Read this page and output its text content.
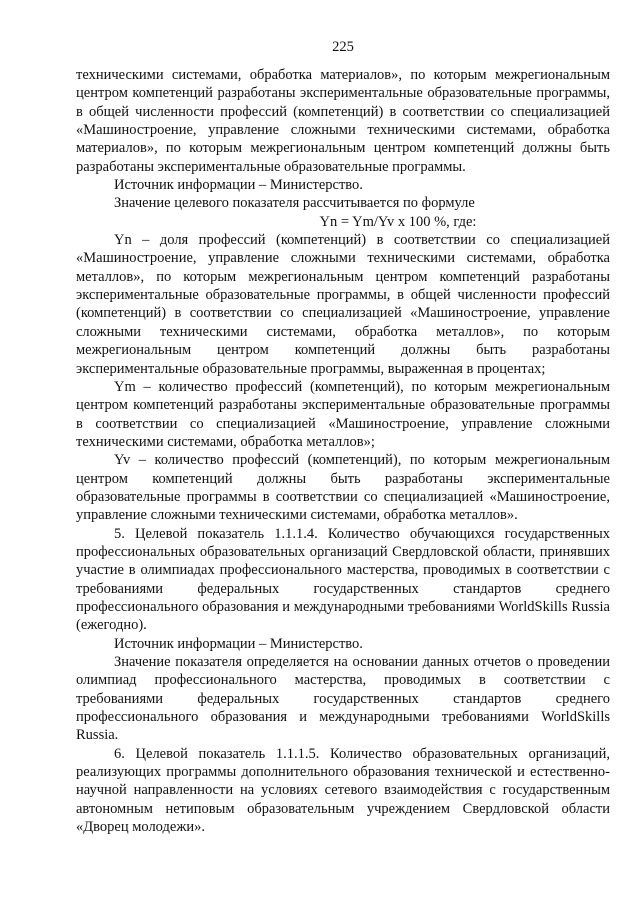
225

техническими системами, обработка материалов», по которым межрегиональным центром компетенций разработаны экспериментальные образовательные программы, в общей численности профессий (компетенций) в соответствии со специализацией «Машиностроение, управление сложными техническими системами, обработка материалов», по которым межрегиональным центром компетенций должны быть разработаны экспериментальные образовательные программы.

Источник информации – Министерство.

Значение целевого показателя рассчитывается по формуле

Yn = Ym/Yv x 100 %, где:

Yn – доля профессий (компетенций) в соответствии со специализацией «Машиностроение, управление сложными техническими системами, обработка металлов», по которым межрегиональным центром компетенций разработаны экспериментальные образовательные программы, в общей численности профессий (компетенций) в соответствии со специализацией «Машиностроение, управление сложными техническими системами, обработка металлов», по которым межрегиональным центром компетенций должны быть разработаны экспериментальные образовательные программы, выраженная в процентах;

Ym – количество профессий (компетенций), по которым межрегиональным центром компетенций разработаны экспериментальные образовательные программы в соответствии со специализацией «Машиностроение, управление сложными техническими системами, обработка металлов»;

Yv – количество профессий (компетенций), по которым межрегиональным центром компетенций должны быть разработаны экспериментальные образовательные программы в соответствии со специализацией «Машиностроение, управление сложными техническими системами, обработка металлов».

5. Целевой показатель 1.1.1.4. Количество обучающихся государственных профессиональных образовательных организаций Свердловской области, принявших участие в олимпиадах профессионального мастерства, проводимых в соответствии с требованиями федеральных государственных стандартов среднего профессионального образования и международными требованиями WorldSkills Russia (ежегодно).

Источник информации – Министерство.

Значение показателя определяется на основании данных отчетов о проведении олимпиад профессионального мастерства, проводимых в соответствии с требованиями федеральных государственных стандартов среднего профессионального образования и международными требованиями WorldSkills Russia.

6. Целевой показатель 1.1.1.5. Количество образовательных организаций, реализующих программы дополнительного образования технической и естественно-научной направленности на условиях сетевого взаимодействия с государственным автономным нетиповым образовательным учреждением Свердловской области «Дворец молодежи».
